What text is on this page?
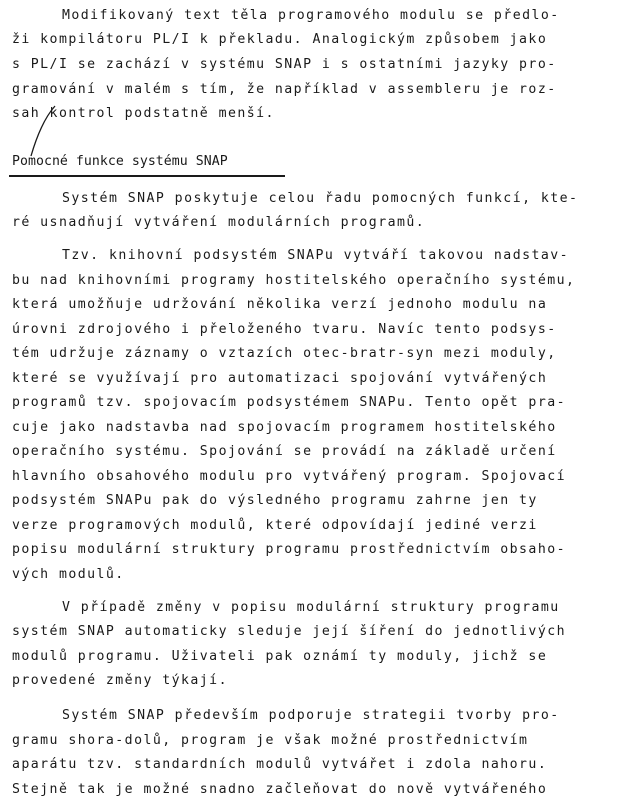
Modifikovaný text těla programového modulu se předlo-
ži kompilátoru PL/I k překladu. Analogickým způsobem jako
s PL/I se zachází v systému SNAP i s ostatními jazyky pro-
gramování v malém s tím, že například v assembleru je roz-
sah kontrol podstatně menší.
Pomocné funkce systému SNAP
Systém SNAP poskytuje celou řadu pomocných funkcí, kte-
ré usnadňují vytváření modulárních programů.
Tzv. knihovní podsystém SNAPu vytváří takovou nadstav-
bu nad knihovními programy hostitelského operačního systému,
která umožňuje udržování několika verzí jednoho modulu na
úrovni zdrojového i přeloženého tvaru. Navíc tento podsys-
tém udržuje záznamy o vztazích otec-bratr-syn mezi moduly,
které se využívají pro automatizaci spojování vytvářených
programů tzv. spojovacím podsystémem SNAPu. Tento opět pra-
cuje jako nadstavba nad spojovacím programem hostitelského
operačního systému. Spojování se provádí na základě určení
hlavního obsahového modulu pro vytvářený program. Spojovací
podsystém SNAPu pak do výsledného programu zahrne jen ty
verze programových modulů, které odpovídají jediné verzi
popisu modulární struktury programu prostřednictvím obsaho-
vých modulů.
V případě změny v popisu modulární struktury programu
systém SNAP automaticky sleduje její šíření do jednotlivých
modulů programu. Uživateli pak oznámí ty moduly, jichž se
provedené změny týkají.
Systém SNAP především podporuje strategii tvorby pro-
gramu shora-dolů, program je však možné prostřednictvím
aparátu tzv. standardních modulů vytvářet i zdola nahoru.
Stejně tak je možné snadno začleňovat do nově vytvářeného
